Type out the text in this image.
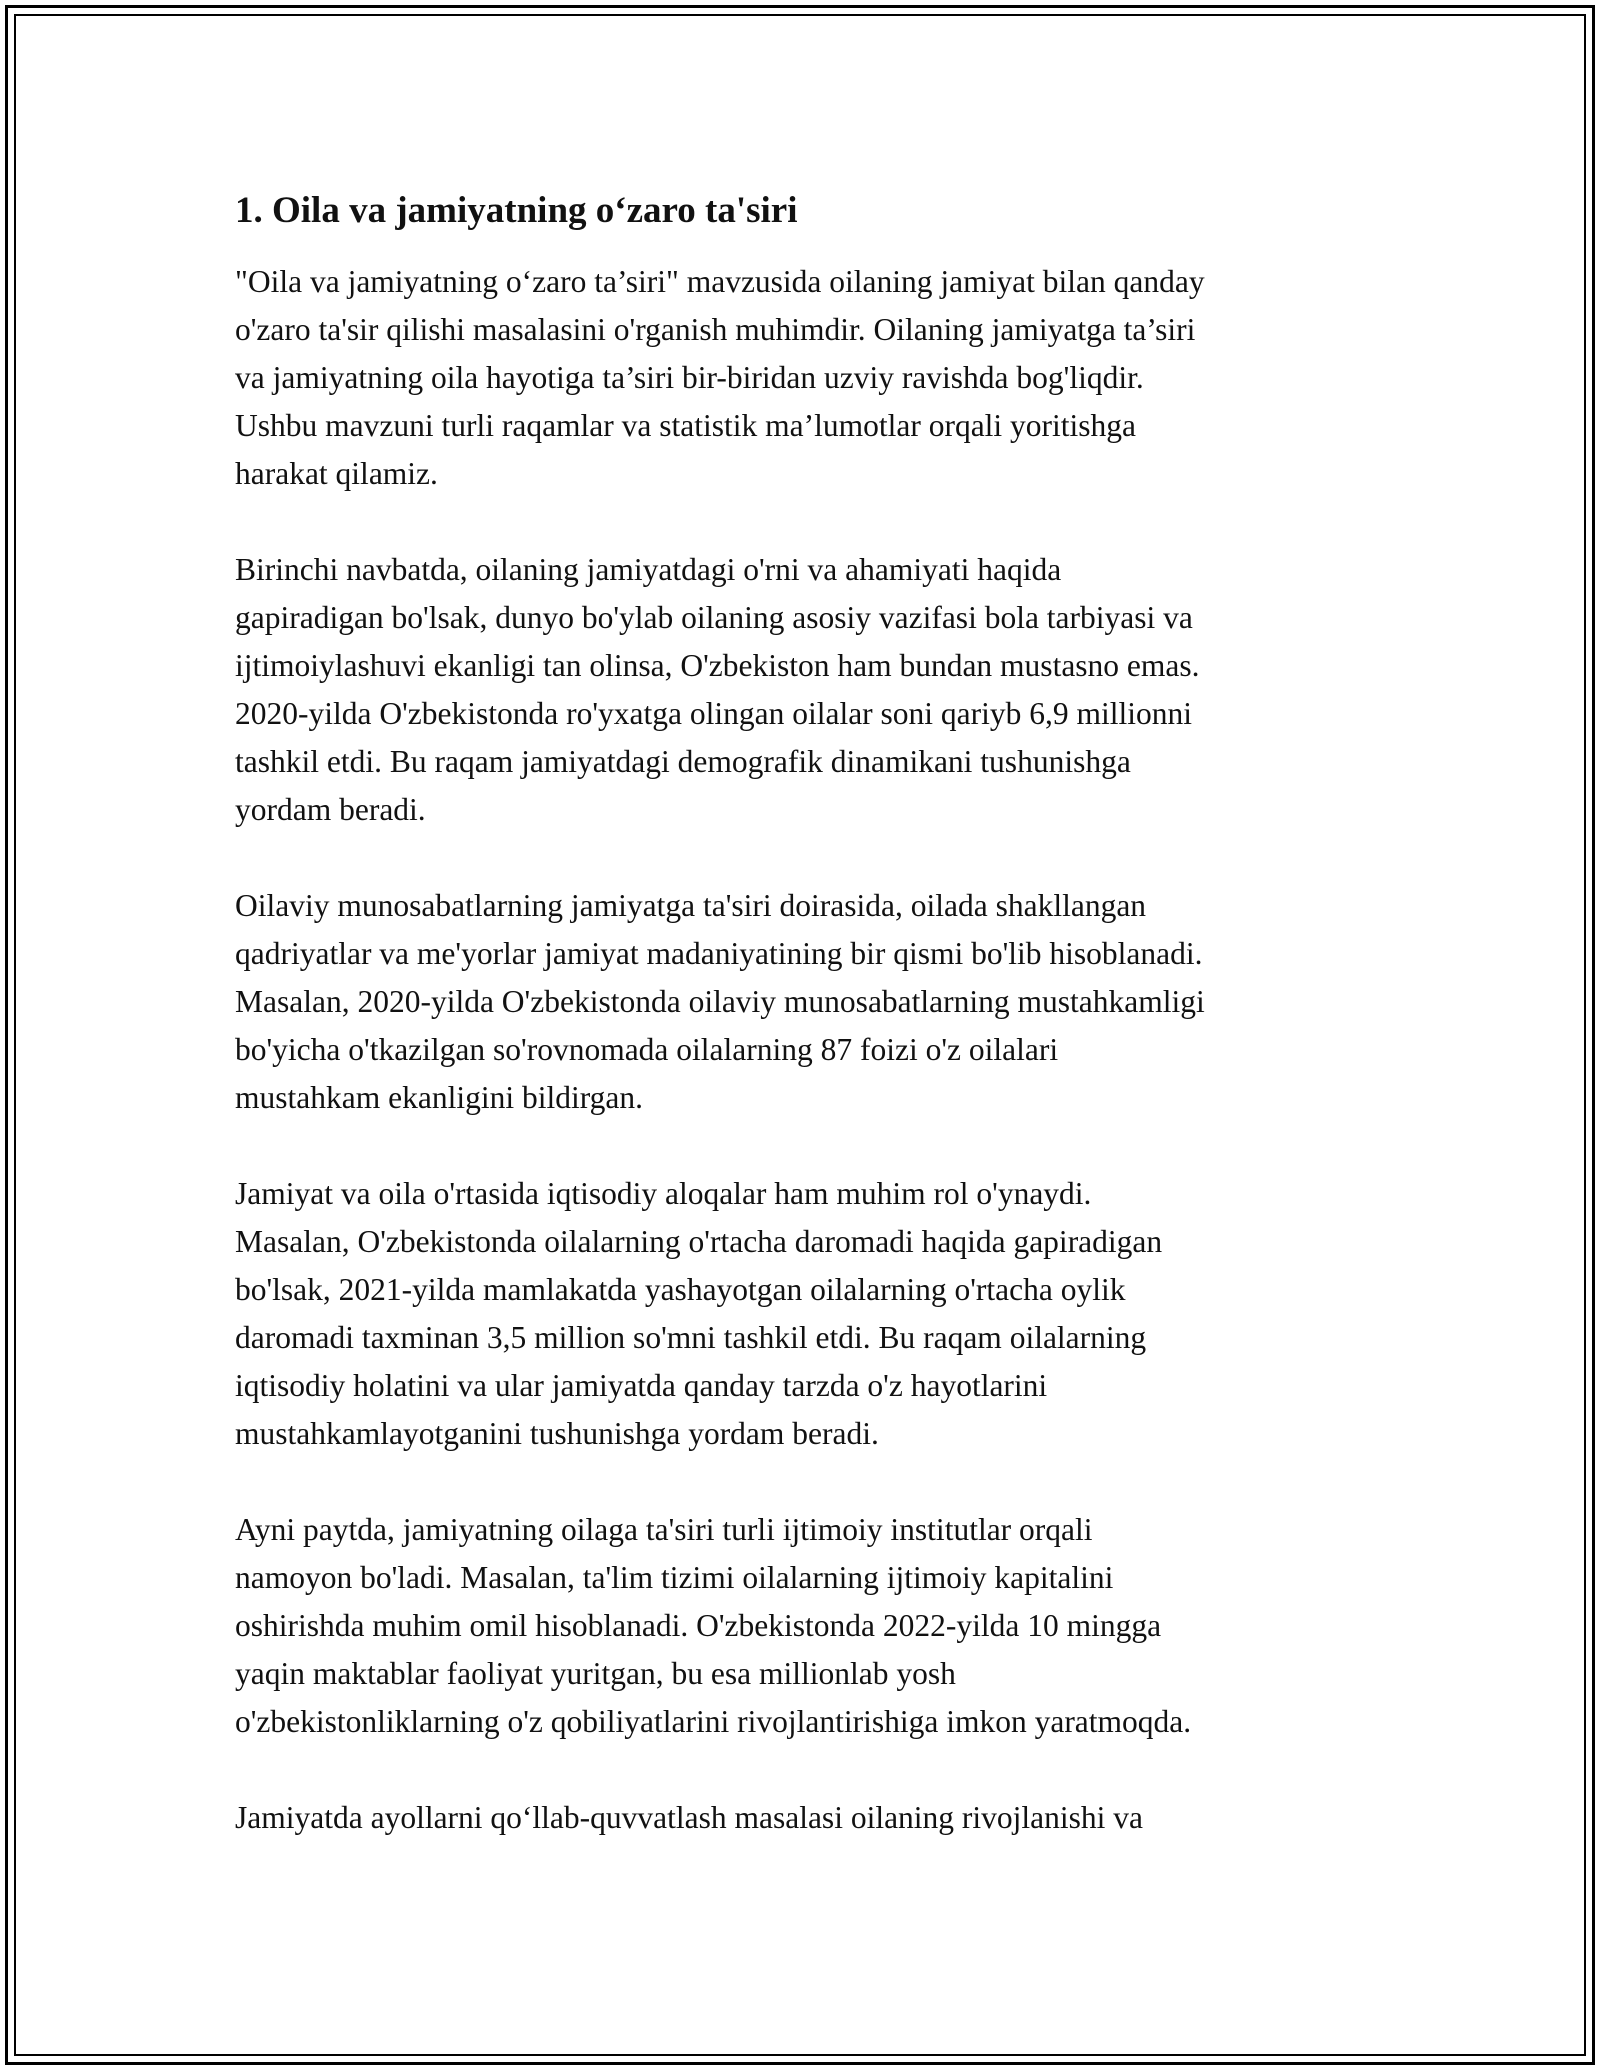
1. Oila va jamiyatning o‘zaro ta'siri

"Oila va jamiyatning o‘zaro ta’siri" mavzusida oilaning jamiyat bilan qanday
o'zaro ta'sir qilishi masalasini o'rganish muhimdir. Oilaning jamiyatga ta’siri
va jamiyatning oila hayotiga ta’siri bir-biridan uzviy ravishda bog'liqdir.
Ushbu mavzuni turli raqamlar va statistik ma’lumotlar orqali yoritishga
harakat qilamiz.

Birinchi navbatda, oilaning jamiyatdagi o'rni va ahamiyati haqida
gapiradigan bo'lsak, dunyo bo'ylab oilaning asosiy vazifasi bola tarbiyasi va
ijtimoiylashuvi ekanligi tan olinsa, O'zbekiston ham bundan mustasno emas.
2020-yilda O'zbekistonda ro'yxatga olingan oilalar soni qariyb 6,9 millionni
tashkil etdi. Bu raqam jamiyatdagi demografik dinamikani tushunishga
yordam beradi.

Oilaviy munosabatlarning jamiyatga ta'siri doirasida, oilada shakllangan
qadriyatlar va me'yorlar jamiyat madaniyatining bir qismi bo'lib hisoblanadi.
Masalan, 2020-yilda O'zbekistonda oilaviy munosabatlarning mustahkamligi
bo'yicha o'tkazilgan so'rovnomada oilalarning 87 foizi o'z oilalari
mustahkam ekanligini bildirgan.

Jamiyat va oila o'rtasida iqtisodiy aloqalar ham muhim rol o'ynaydi.
Masalan, O'zbekistonda oilalarning o'rtacha daromadi haqida gapiradigan
bo'lsak, 2021-yilda mamlakatda yashayotgan oilalarning o'rtacha oylik
daromadi taxminan 3,5 million so'mni tashkil etdi. Bu raqam oilalarning
iqtisodiy holatini va ular jamiyatda qanday tarzda o'z hayotlarini
mustahkamlayotganini tushunishga yordam beradi.

Ayni paytda, jamiyatning oilaga ta'siri turli ijtimoiy institutlar orqali
namoyon bo'ladi. Masalan, ta'lim tizimi oilalarning ijtimoiy kapitalini
oshirishda muhim omil hisoblanadi. O'zbekistonda 2022-yilda 10 mingga
yaqin maktablar faoliyat yuritgan, bu esa millionlab yosh
o'zbekistonliklarning o'z qobiliyatlarini rivojlantirishiga imkon yaratmoqda.

Jamiyatda ayollarni qo‘llab-quvvatlash masalasi oilaning rivojlanishi va
